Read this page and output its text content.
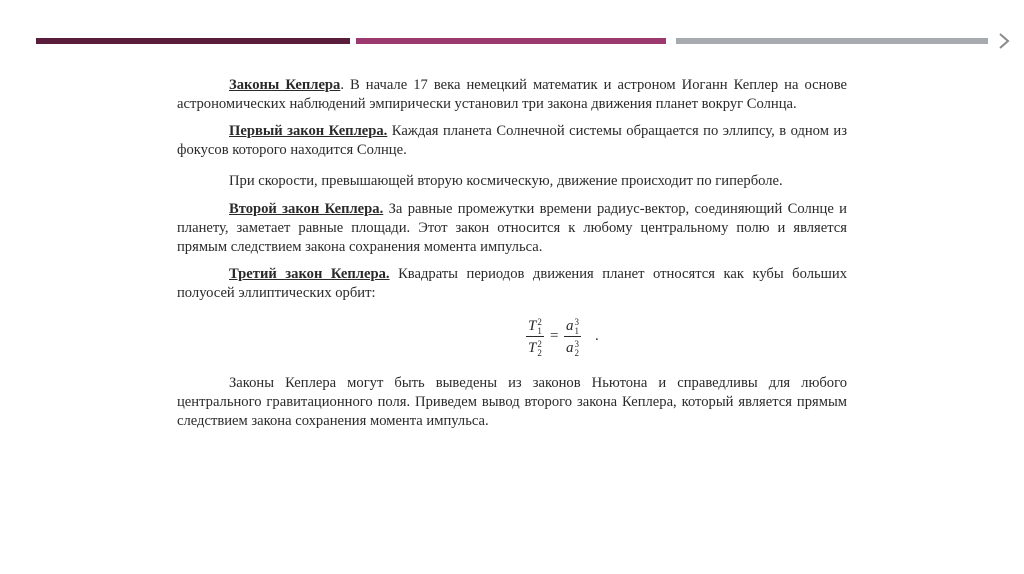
Законы Кеплера. В начале 17 века немецкий математик и астроном Иоганн Кеплер на основе астрономических наблюдений эмпирически установил три закона движения планет вокруг Солнца.

Первый закон Кеплера. Каждая планета Солнечной системы обращается по эллипсу, в одном из фокусов которого находится Солнце.

При скорости, превышающей вторую космическую, движение происходит по гиперболе.

Второй закон Кеплера. За равные промежутки времени радиус-вектор, соединяющий Солнце и планету, заметает равные площади. Этот закон относится к любому центральному полю и является прямым следствием закона сохранения момента импульса.

Третий закон Кеплера. Квадраты периодов движения планет относятся как кубы больших полуосей эллиптических орбит:

T 2
1
T 2
2 = a 3
1
a 3
2 .

Законы Кеплера могут быть выведены из законов Ньютона и справедливы для любого центрального гравитационного поля. Приведем вывод второго закона Кеплера, который является прямым следствием закона сохранения момента импульса.
